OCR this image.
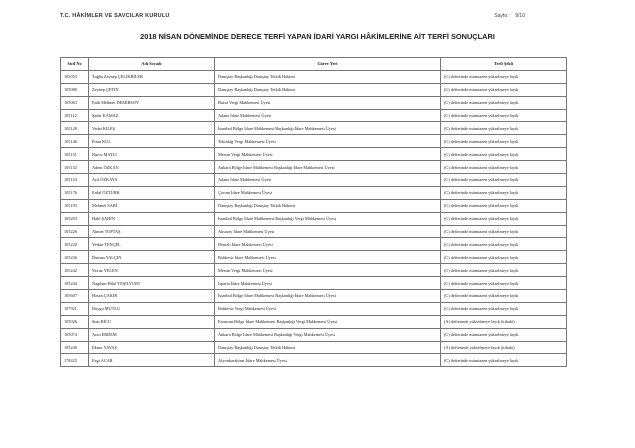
T.C. HÂKİMLER VE SAVCILAR KURULU	Sayfa : 9/10
2018 NİSAN DÖNEMİNDE DERECE TERFİ YAPAN İDARİ YARGI HÂKİMLERİNE AİT TERFİ SONUÇLARI
Sicil No	Adı Soyadı	Görev Yeri	Terfi Şekli
105053	Tuğba Zeynep ÇELİKBİLEK	Danıştay Başkanlığı Danıştay Tetkik Hakimi	(C) defterinde mümtazen yükselmeye layık
105080	Zeynep ÇETİN	Danıştay Başkanlığı Danıştay Tetkik Hakimi	(C) defterinde mümtazen yükselmeye layık
105063	Enik Mehmet DEMİRSOY	Bursa Vergi Mahkemesi Üyesi	(C) defterinde mümtazen yükselmeye layık
105112	Şadet KAMAZ	Adana İdare Mahkemesi Üyesi	(C) defterinde mümtazen yükselmeye layık
105128	Vedat KILEŞ	İstanbul Bölge İdare Mahkemesi Başkanlığı İdare Mahkemesi Üyesi	(C) defterinde mümtazen yükselmeye layık
105146	Pınar KUL	Tekirdağ Vergi Mahkemesi Üyesi	(C) defterinde mümtazen yükselmeye layık
105151	Burcu MATLI	Mersin Vergi Mahkemesi Üyesi	(C) defterinde mümtazen yükselmeye layık
105152	Adem ÖZKAN	Ankara Bölge İdare Mahkemesi Başkanlığı İdare Mahkemesi Üyesi	(C) defterinde mümtazen yükselmeye layık
105154	Arif ÖZKAYA	Adana İdare Mahkemesi Üyesi	(C) defterinde mümtazen yükselmeye layık
105176	Erdal ÖZTÜRK	Çorum İdare Mahkemesi Üyesi	(C) defterinde mümtazen yükselmeye layık
105193	Mehmet SABİ	Danıştay Başkanlığı Danıştay Tetkik Hakimi	(C) defterinde mümtazen yükselmeye layık
105203	Halil ŞAHİN	İstanbul Bölge İdare Mahkemesi Başkanlığı Vergi Mahkemesi Üyesi	(C) defterinde mümtazen yükselmeye layık
105226	Ahmet TOPTAŞ	Aksaray İdare Mahkemesi Üyesi	(C) defterinde mümtazen yükselmeye layık
105220	Yetkin TENÇEL	Denizli İdare Mahkemesi Üyesi	(C) defterinde mümtazen yükselmeye layık
105236	Duman YALÇIN	Balıkesir İdare Mahkemesi Üyesi	(C) defterinde mümtazen yükselmeye layık
105242	Yavuz YELEN	Mersin Vergi Mahkemesi Üyesi	(C) defterinde mümtazen yükselmeye layık
105244	Nagihan Hilal YEŞİLYURT	Isparta İdare Mahkemesi Üyesi	(C) defterinde mümtazen yükselmeye layık
105607	Hasan ÇAKIR	İstanbul Bölge İdare Mahkemesi Başkanlığı İdare Mahkemesi Üyesi	(C) defterinde mümtazen yükselmeye layık
107921	Duygu MUTLU	Balıkesir Vergi Mahkemesi Üyesi	(C) defterinde mümtazen yükselmeye layık
105026	Suat BİCU	Erzurum Bölge İdare Mahkemesi Başkanlığı Vergi Mahkemesi Üyesi	(A) defterinde yükselmeye layık (itibaki)
105074	Arzu ERDEM	Ankara Bölge İdare Mahkemesi Başkanlığı Vergi Mahkemesi Üyesi	(C) defterinde mümtazen yükselmeye layık
105240	İlkmır YAVAŞ	Danıştay Başkanlığı Danıştay Tetkik Hakimi	(A) defterinde yükselmeye layık (itibaki)
178425	Ezgi ACAR	Afyonkarahisar İdare Mahkemesi Üyesi	(C) defterinde mümtazen yükselmeye layık
